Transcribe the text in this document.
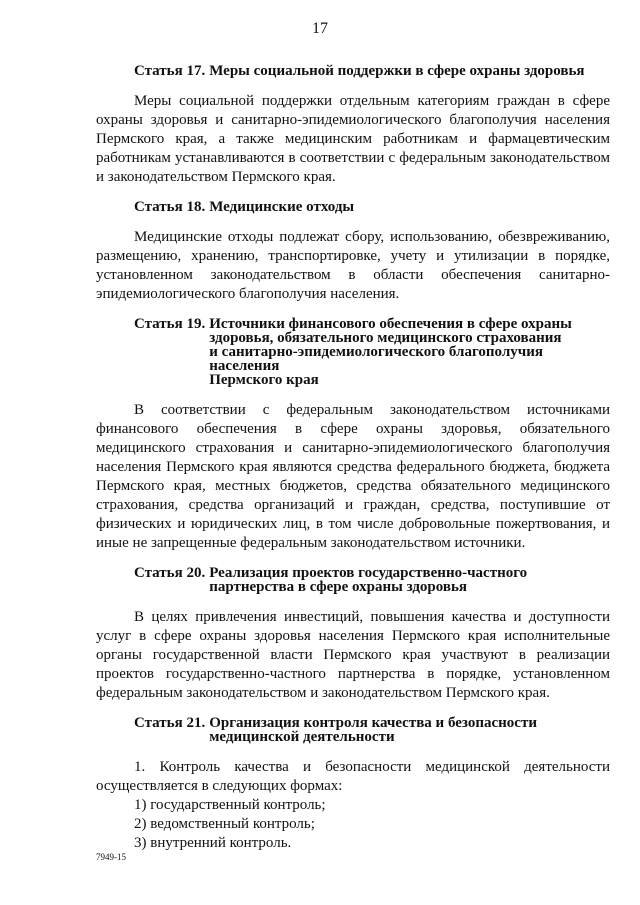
17
Статья 17. Меры социальной поддержки в сфере охраны здоровья

Меры социальной поддержки отдельным категориям граждан в сфере охраны здоровья и санитарно-эпидемиологического благополучия населения Пермского края, а также медицинским работникам и фармацевтическим работникам устанавливаются в соответствии с федеральным законодательством и законодательством Пермского края.

Статья 18. Медицинские отходы

Медицинские отходы подлежат сбору, использованию, обезвреживанию, размещению, хранению, транспортировке, учету и утилизации в порядке, установленном законодательством в области обеспечения санитарно-эпидемиологического благополучия населения.

Статья 19. Источники финансового обеспечения в сфере охраны
здоровья, обязательного медицинского страхования
и санитарно-эпидемиологического благополучия населения
Пермского края

В соответствии с федеральным законодательством источниками финансового обеспечения в сфере охраны здоровья, обязательного медицинского страхования и санитарно-эпидемиологического благополучия населения Пермского края являются средства федерального бюджета, бюджета Пермского края, местных бюджетов, средства обязательного медицинского страхования, средства организаций и граждан, средства, поступившие от физических и юридических лиц, в том числе добровольные пожертвования, и иные не запрещенные федеральным законодательством источники.

Статья 20. Реализация проектов государственно-частного
партнерства в сфере охраны здоровья

В целях привлечения инвестиций, повышения качества и доступности услуг в сфере охраны здоровья населения Пермского края исполнительные органы государственной власти Пермского края участвуют в реализации проектов государственно-частного партнерства в порядке, установленном федеральным законодательством и законодательством Пермского края.

Статья 21. Организация контроля качества и безопасности
медицинской деятельности

1. Контроль качества и безопасности медицинской деятельности осуществляется в следующих формах:

1) государственный контроль;

2) ведомственный контроль;

3) внутренний контроль.

7949-15
